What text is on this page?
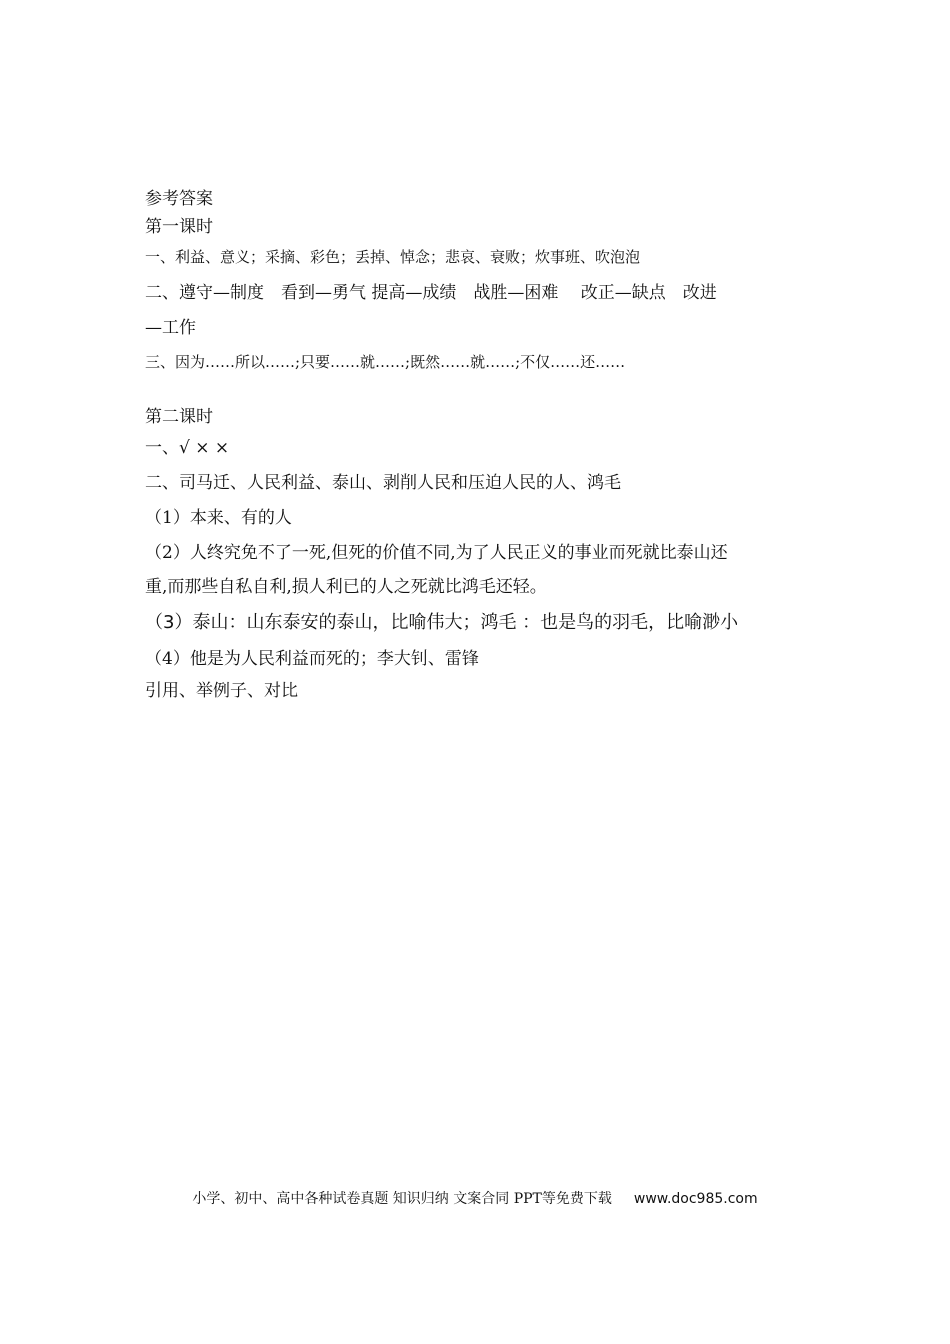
参考答案
第一课时
一、利益、意义；采摘、彩色；丢掉、悼念；悲哀、衰败；炊事班、吹泡泡
二、遵守—制度　看到—勇气 提高—成绩　战胜—困难　 改正—缺点　改进
—工作
三、因为……所以……;只要……就……;既然……就……;不仅……还……
第二课时
一、√ × ×
二、司马迁、人民利益、泰山、剥削人民和压迫人民的人、鸿毛
（1）本来、有的人
（2）人终究免不了一死,但死的价值不同,为了人民正义的事业而死就比泰山还
重,而那些自私自利,损人利已的人之死就比鸿毛还轻。
（3）泰山：山东泰安的泰山，比喻伟大；鸿毛 ：也是鸟的羽毛，比喻渺小
（4）他是为人民利益而死的；李大钊、雷锋
引用、举例子、对比
小学、初中、高中各种试卷真题 知识归纳 文案合同 PPT等免费下载 www.doc985.com
